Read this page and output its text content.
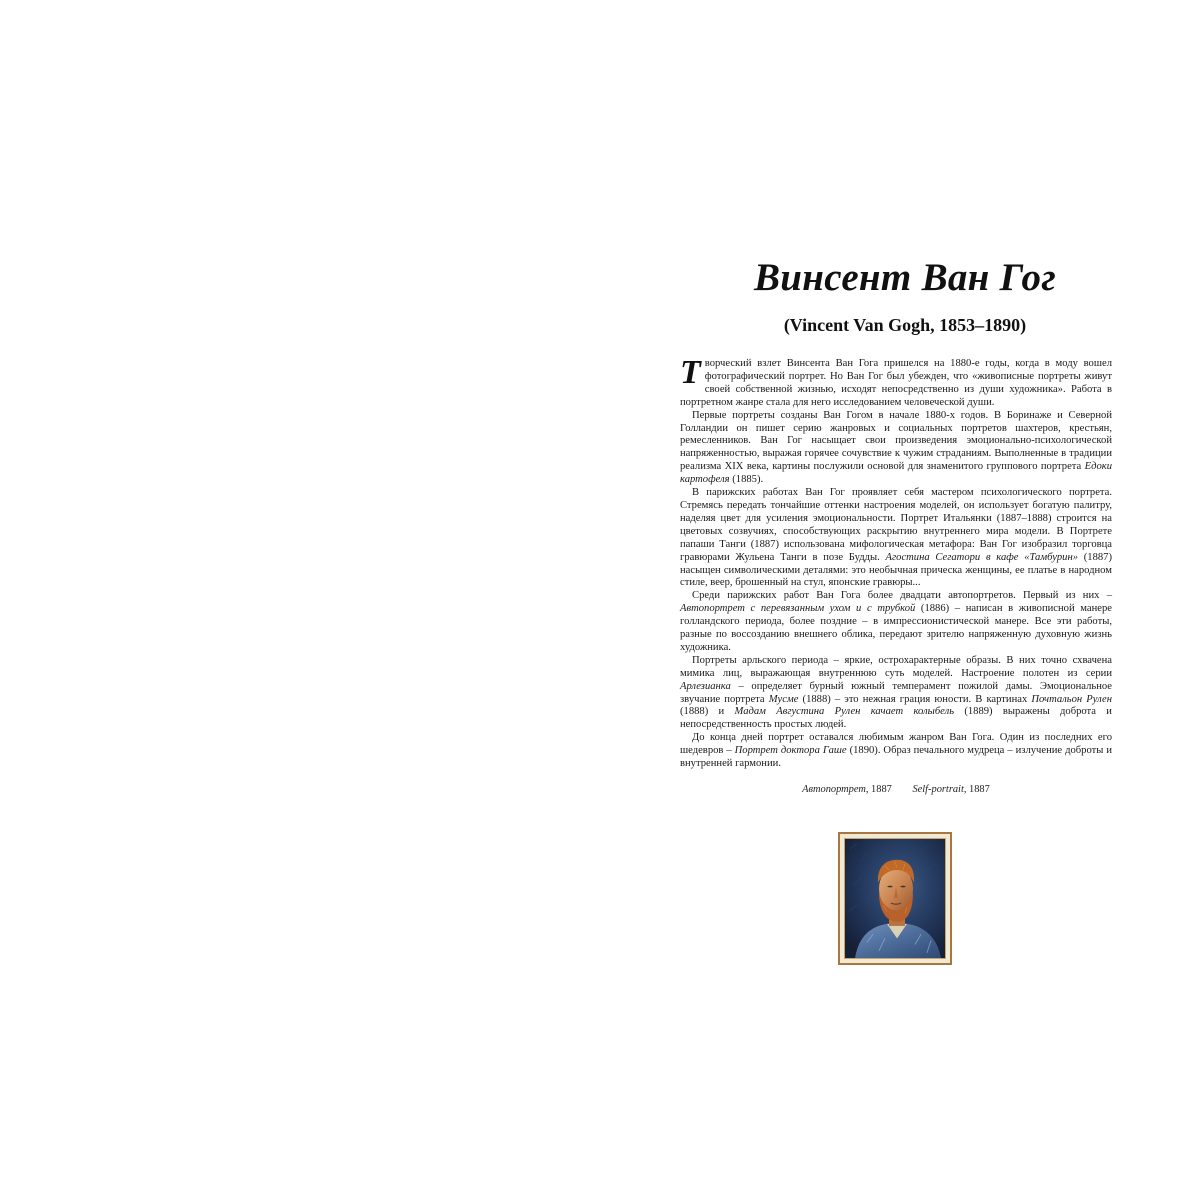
Винсент Ван Гог
(Vincent Van Gogh, 1853–1890)

Творческий взлет Винсента Ван Гога пришелся на 1880-е годы, когда в моду вошел фотографический портрет. Но Ван Гог был убежден, что «живописные портреты живут своей собственной жизнью, исходят непосредственно из души художника». Работа в портретном жанре стала для него исследованием человеческой души.

Первые портреты созданы Ван Гогом в начале 1880-х годов. В Боринаже и Северной Голландии он пишет серию жанровых и социальных портретов шахтеров, крестьян, ремесленников. Ван Гог насыщает свои произведения эмоционально-психологической напряженностью, выражая горячее сочувствие к чужим страданиям. Выполненные в традиции реализма XIX века, картины послужили основой для знаменитого группового портрета Едоки картофеля (1885).

В парижских работах Ван Гог проявляет себя мастером психологического портрета. Стремясь передать тончайшие оттенки настроения моделей, он использует богатую палитру, наделяя цвет для усиления эмоциональности. Портрет Итальянки (1887–1888) строится на цветовых созвучиях, способствующих раскрытию внутреннего мира модели. В Портрете папаши Танги (1887) использована мифологическая метафора: Ван Гог изобразил торговца гравюрами Жульена Танги в позе Будды. Агостина Сегатори в кафе «Тамбурин» (1887) насыщен символическими деталями: это необычная прическа женщины, ее платье в народном стиле, веер, брошенный на стул, японские гравюры...

Среди парижских работ Ван Гога более двадцати автопортретов. Первый из них – Автопортрет с перевязанным ухом и с трубкой (1886) – написан в живописной манере голландского периода, более поздние – в импрессионистической манере. Все эти работы, разные по воссозданию внешнего облика, передают зрителю напряженную духовную жизнь художника.

Портреты арльского периода – яркие, острохарактерные образы. В них точно схвачена мимика лиц, выражающая внутреннюю суть моделей. Настроение полотен из серии Арлезианка – определяет бурный южный темперамент пожилой дамы. Эмоциональное звучание портрета Мусме (1888) – это нежная грация юности. В картинах Почтальон Рулен (1888) и Мадам Августина Рулен качает колыбель (1889) выражены доброта и непосредственность простых людей.

До конца дней портрет оставался любимым жанром Ван Гога. Один из последних его шедевров – Портрет доктора Гаше (1890). Образ печального мудреца – излучение доброты и внутренней гармонии.

Автопортрет, 1887 Self-portrait, 1887
